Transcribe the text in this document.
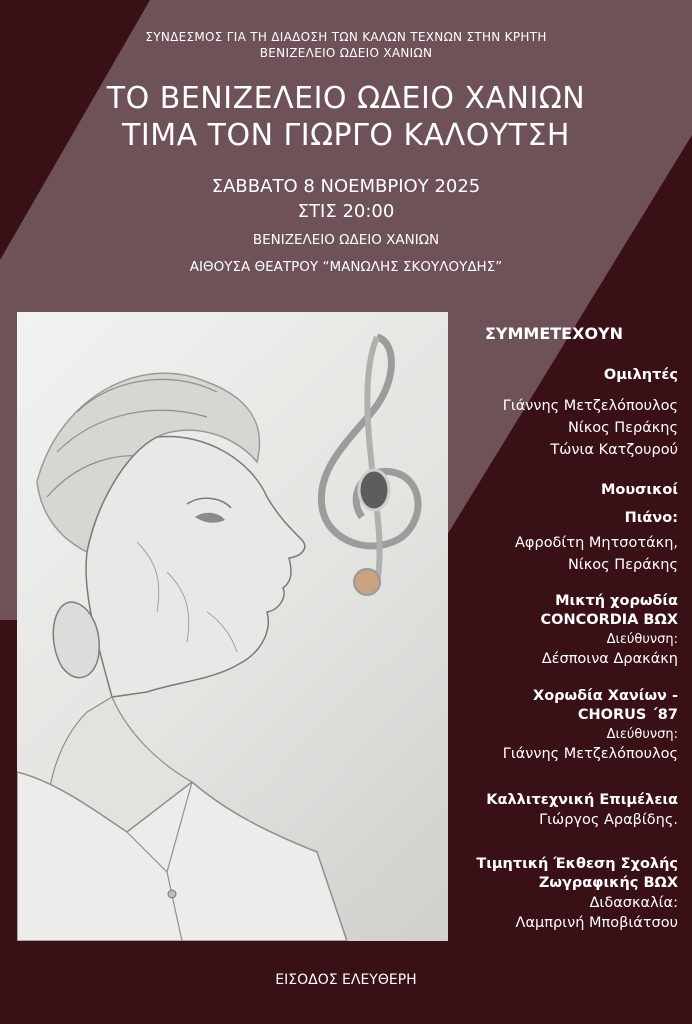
ΣΥΝΔΕΣΜΟΣ ΓΙΑ ΤΗ ΔΙΑΔΟΣΗ ΤΩΝ ΚΑΛΩΝ ΤΕΧΝΩΝ ΣΤΗΝ ΚΡΗΤΗ
ΒΕΝΙΖΕΛΕΙΟ ΩΔΕΙΟ ΧΑΝΙΩΝ
ΤΟ ΒΕΝΙΖΕΛΕΙΟ ΩΔΕΙΟ ΧΑΝΙΩΝ
ΤΙΜΑ ΤΟΝ ΓΙΩΡΓΟ ΚΑΛΟΥΤΣΗ
ΣΑΒΒΑΤΟ 8 ΝΟΕΜΒΡΙΟΥ 2025
ΣΤΙΣ 20:00
ΒΕΝΙΖΕΛΕΙΟ ΩΔΕΙΟ ΧΑΝΙΩΝ
ΑΙΘΟΥΣΑ ΘΕΑΤΡΟΥ “ΜΑΝΩΛΗΣ ΣΚΟΥΛΟΥΔΗΣ”
ΣΥΜΜΕΤΕΧΟΥΝ
Ομιλητές
Γιάννης Μετζελόπουλος
Νίκος Περάκης
Τώνια Κατζουρού
Μουσικοί
Πιάνο:
Αφροδίτη Μητσοτάκη,
Νίκος Περάκης
Μικτή χορωδία
CONCORDIA ΒΩΧ
Διεύθυνση:
Δέσποινα Δρακάκη
Χορωδία Χανίων -
CHORUS ΄87
Διεύθυνση:
Γιάννης Μετζελόπουλος
Καλλιτεχνική Επιμέλεια
Γιώργος Αραβίδης.
Τιμητική Έκθεση Σχολής
Ζωγραφικής ΒΩΧ
Διδασκαλία:
Λαμπρινή Μποβιάτσου
ΕΙΣΟΔΟΣ ΕΛΕΥΘΕΡΗ
